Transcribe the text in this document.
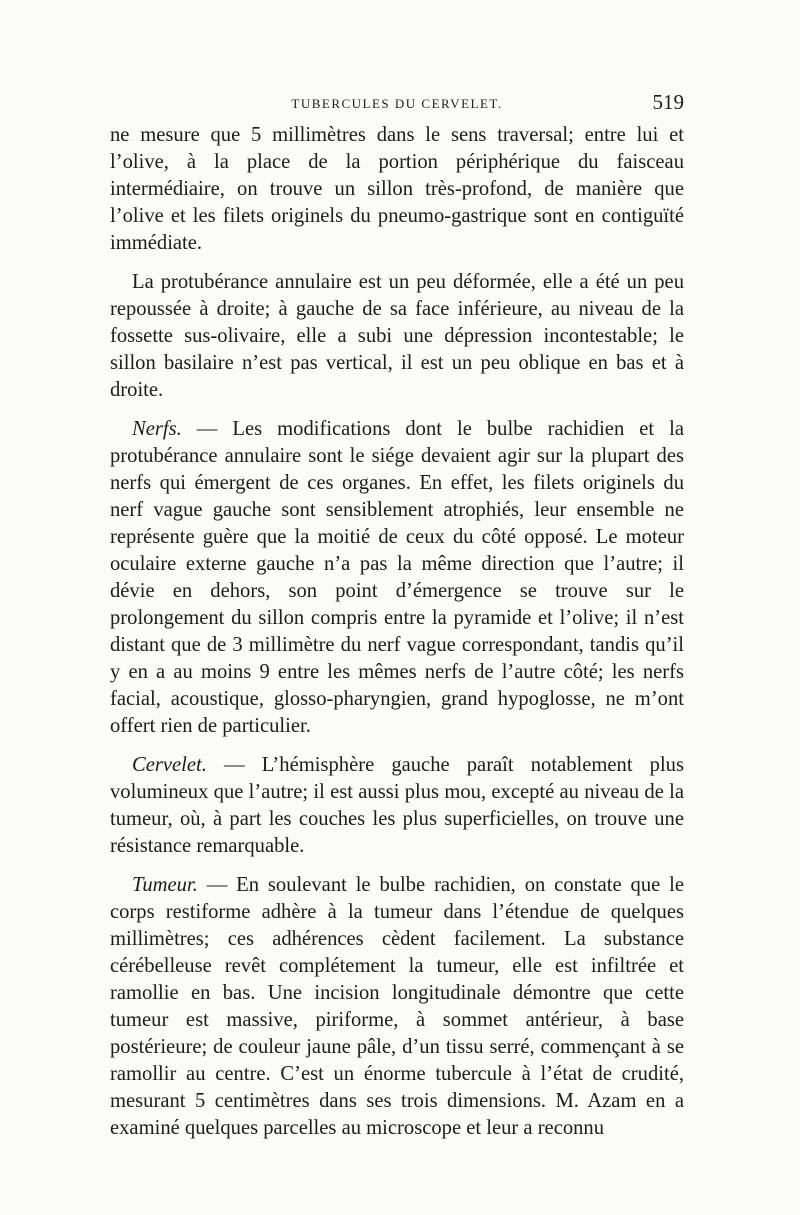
TUBERCULES DU CERVELET.	519

ne mesure que 5 millimètres dans le sens traversal; entre lui et l’olive, à la place de la portion périphérique du faisceau intermédiaire, on trouve un sillon très-profond, de manière que l’olive et les filets originels du pneumo-gastrique sont en contiguïté immédiate.

La protubérance annulaire est un peu déformée, elle a été un peu repoussée à droite; à gauche de sa face inférieure, au niveau de la fossette sus-olivaire, elle a subi une dépression incontestable; le sillon basilaire n’est pas vertical, il est un peu oblique en bas et à droite.

Nerfs. — Les modifications dont le bulbe rachidien et la protubérance annulaire sont le siége devaient agir sur la plupart des nerfs qui émergent de ces organes. En effet, les filets originels du nerf vague gauche sont sensiblement atrophiés, leur ensemble ne représente guère que la moitié de ceux du côté opposé. Le moteur oculaire externe gauche n’a pas la même direction que l’autre; il dévie en dehors, son point d’émergence se trouve sur le prolongement du sillon compris entre la pyramide et l’olive; il n’est distant que de 3 millimètre du nerf vague correspondant, tandis qu’il y en a au moins 9 entre les mêmes nerfs de l’autre côté; les nerfs facial, acoustique, glosso-pharyngien, grand hypoglosse, ne m’ont offert rien de particulier.

Cervelet. — L’hémisphère gauche paraît notablement plus volumineux que l’autre; il est aussi plus mou, excepté au niveau de la tumeur, où, à part les couches les plus superficielles, on trouve une résistance remarquable.

Tumeur. — En soulevant le bulbe rachidien, on constate que le corps restiforme adhère à la tumeur dans l’étendue de quelques millimètres; ces adhérences cèdent facilement. La substance cérébelleuse revêt complétement la tumeur, elle est infiltrée et ramollie en bas. Une incision longitudinale démontre que cette tumeur est massive, piriforme, à sommet antérieur, à base postérieure; de couleur jaune pâle, d’un tissu serré, commençant à se ramollir au centre. C’est un énorme tubercule à l’état de crudité, mesurant 5 centimètres dans ses trois dimensions. M. Azam en a examiné quelques parcelles au microscope et leur a reconnu
